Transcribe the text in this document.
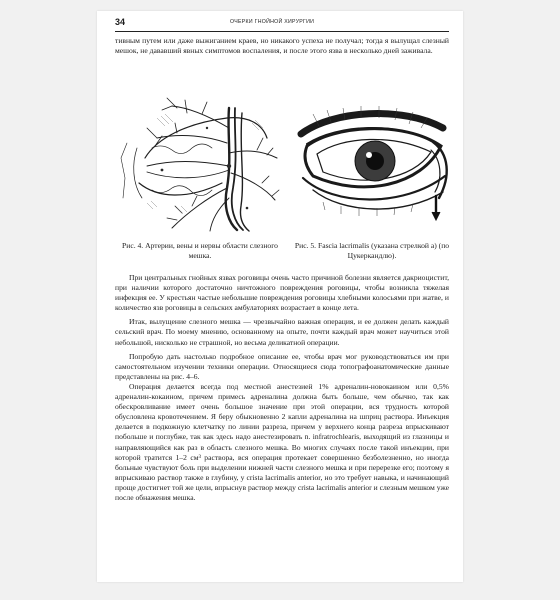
34	ОЧЕРКИ ГНОЙНОЙ ХИРУРГИИ

тивным путем или даже выжиганием краев, но никакого успеха не получал; тогда я вылущал слезный мешок, не дававший явных симптомов воспаления, и после этого язва в несколько дней заживала.

Рис. 4. Артерии, вены и нервы области слезного мешка.
Рис. 5. Fascia lacrimalis (указана стрелкой а) (по Цукеркандлю).

При центральных гнойных язвах роговицы очень часто причиной болезни является дакриоцистит, при наличии которого достаточно ничтожного повреждения роговицы, чтобы возникла тяжелая инфекция ее. У крестьян частые небольшие повреждения роговицы хлебными колосьями при жатве, и количество язв роговицы в сельских амбулаториях возрастает в конце лета.

Итак, вылущение слезного мешка — чрезвычайно важная операция, и ее должен делать каждый сельский врач. По моему мнению, основанному на опыте, почти каждый врач может научиться этой небольшой, нисколько не страшной, но весьма деликатной операции.

Попробую дать настолько подробное описание ее, чтобы врач мог руководствоваться им при самостоятельном изучении техники операции. Относящиеся сюда топографоанатомические данные представлены на рис. 4–6.

Операция делается всегда под местной анестезией 1% адреналин-новокаином или 0,5% адреналин-кокаином, причем примесь адреналина должна быть больше, чем обычно, так как обескровливание имеет очень большое значение при этой операции, вся трудность которой обусловлена кровотечением. Я беру обыкновенно 2 капли адреналина на шприц раствора. Инъекция делается в подкожную клетчатку по линии разреза, причем у верхнего конца разреза впрыскивают побольше и поглубже, так как здесь надо анестезировать n. infratrochlearis, выходящий из глазницы и направляющийся как раз в область слезного мешка. Во многих случаях после такой инъекции, при которой тратится 1–2 см³ раствора, вся операция протекает совершенно безболезненно, но иногда больные чувствуют боль при выделении нижней части слезного мешка и при перерезке его; поэтому я впрыскиваю раствор также в глубину, у crista lacrimalis anterior, но это требует навыка, и начинающий проще достигнет той же цели, впрыснув раствор между crista lacrimalis anterior и слезным мешком уже после обнажения мешка.
